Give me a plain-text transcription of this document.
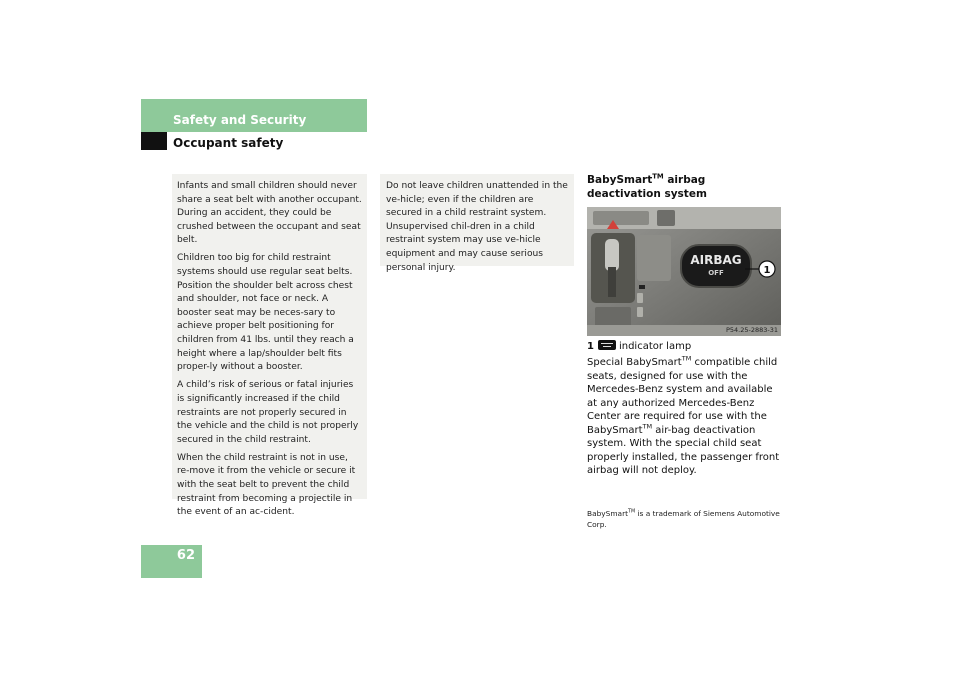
Safety and Security
Occupant safety

Infants and small children should never share a seat belt with another occupant. During an accident, they could be crushed between the occupant and seat belt.

Children too big for child restraint systems should use regular seat belts. Position the shoulder belt across chest and shoulder, not face or neck. A booster seat may be neces-sary to achieve proper belt positioning for children from 41 lbs. until they reach a height where a lap/shoulder belt fits proper-ly without a booster.

A child’s risk of serious or fatal injuries is significantly increased if the child restraints are not properly secured in the vehicle and the child is not properly secured in the child restraint.

When the child restraint is not in use, re-move it from the vehicle or secure it with the seat belt to prevent the child restraint from becoming a projectile in the event of an ac-cident.

Do not leave children unattended in the ve-hicle; even if the children are secured in a child restraint system. Unsupervised chil-dren in a child restraint system may use ve-hicle equipment and may cause serious personal injury.

BabySmart™ airbag deactivation system
AIRBAG
OFF	1
P54.25-2883-31
1	indicator lamp
Special BabySmart™ compatible child seats, designed for use with the Mercedes-Benz system and available at any authorized Mercedes-Benz Center are required for use with the BabySmart™ air-bag deactivation system. With the special child seat properly installed, the passenger front airbag will not deploy.
BabySmart™ is a trademark of Siemens Automotive Corp.
62
